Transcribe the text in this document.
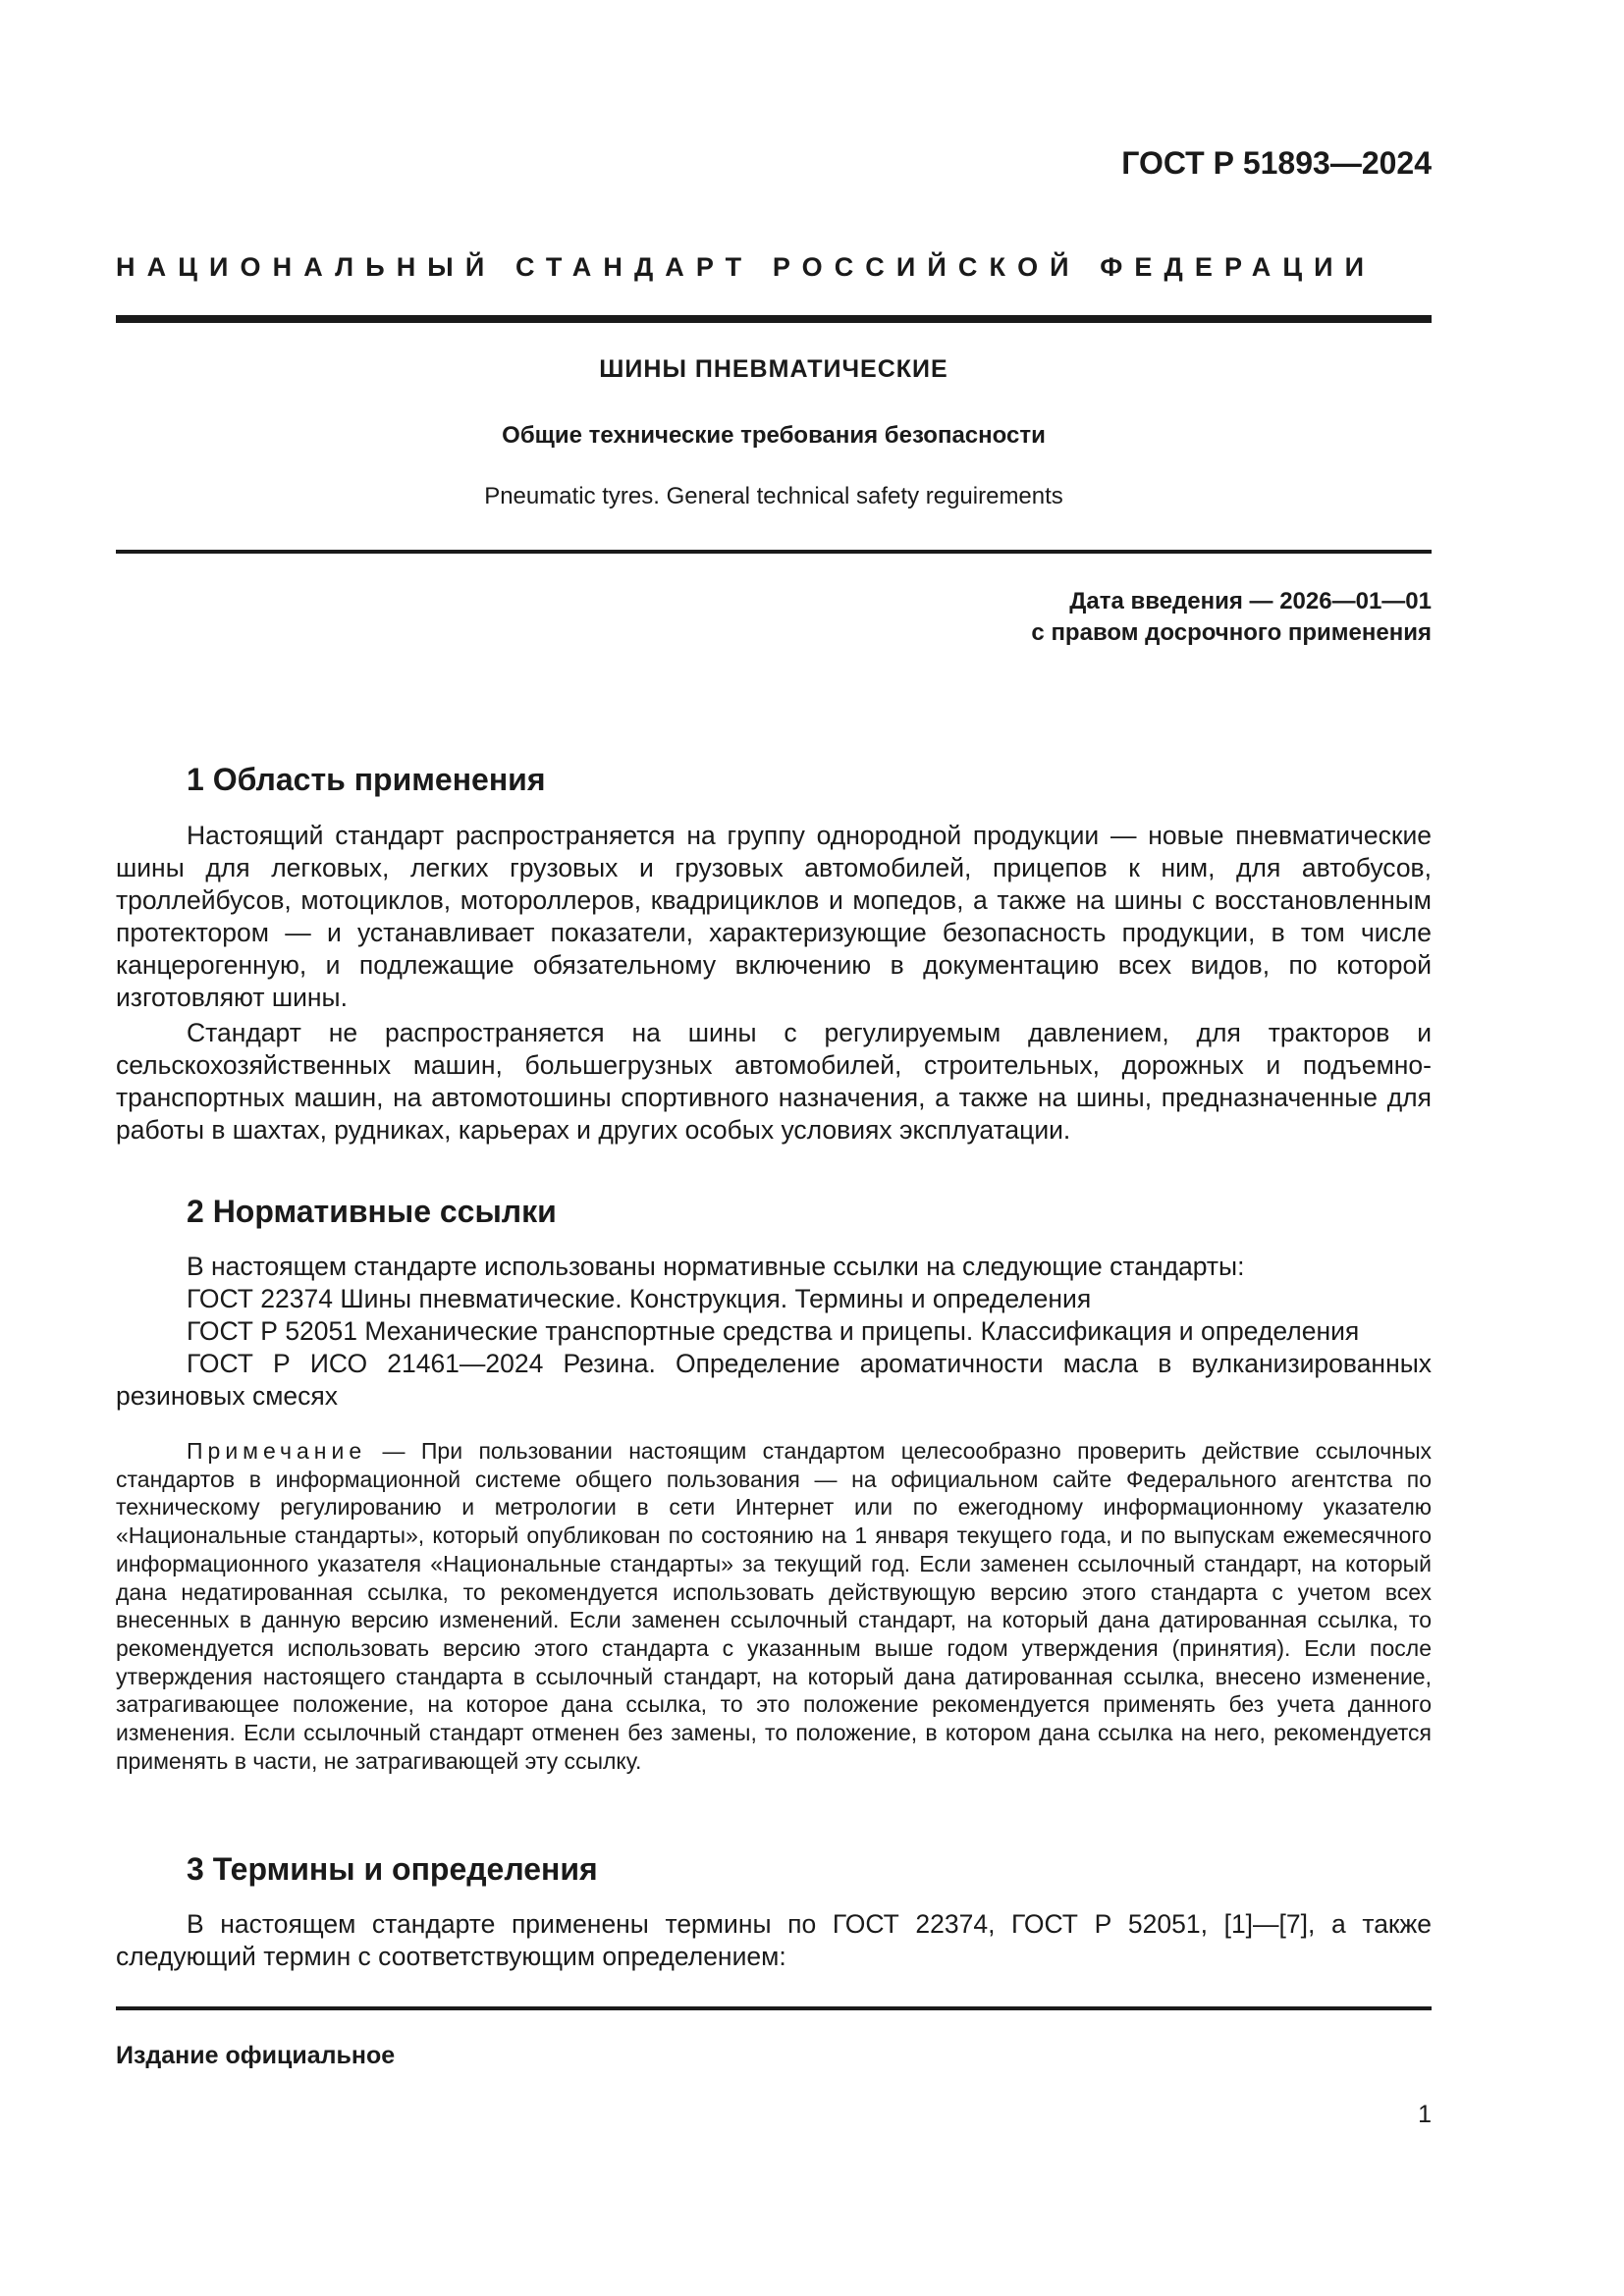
ГОСТ Р 51893—2024
НАЦИОНАЛЬНЫЙ СТАНДАРТ РОССИЙСКОЙ ФЕДЕРАЦИИ
ШИНЫ ПНЕВМАТИЧЕСКИЕ
Общие технические требования безопасности
Pneumatic tyres. General technical safety reguirements
Дата введения — 2026—01—01
с правом досрочного применения
1 Область применения
Настоящий стандарт распространяется на группу однородной продукции — новые пневматические шины для легковых, легких грузовых и грузовых автомобилей, прицепов к ним, для автобусов, троллейбусов, мотоциклов, мотороллеров, квадрициклов и мопедов, а также на шины с восстановленным протектором — и устанавливает показатели, характеризующие безопасность продукции, в том числе канцерогенную, и подлежащие обязательному включению в документацию всех видов, по которой изготовляют шины.
Стандарт не распространяется на шины с регулируемым давлением, для тракторов и сельскохозяйственных машин, большегрузных автомобилей, строительных, дорожных и подъемно-транспортных машин, на автомотошины спортивного назначения, а также на шины, предназначенные для работы в шахтах, рудниках, карьерах и других особых условиях эксплуатации.
2 Нормативные ссылки
В настоящем стандарте использованы нормативные ссылки на следующие стандарты:
ГОСТ 22374 Шины пневматические. Конструкция. Термины и определения
ГОСТ Р 52051 Механические транспортные средства и прицепы. Классификация и определения
ГОСТ Р ИСО 21461—2024 Резина. Определение ароматичности масла в вулканизированных резиновых смесях
Примечание — При пользовании настоящим стандартом целесообразно проверить действие ссылочных стандартов в информационной системе общего пользования — на официальном сайте Федерального агентства по техническому регулированию и метрологии в сети Интернет или по ежегодному информационному указателю «Национальные стандарты», который опубликован по состоянию на 1 января текущего года, и по выпускам ежемесячного информационного указателя «Национальные стандарты» за текущий год. Если заменен ссылочный стандарт, на который дана недатированная ссылка, то рекомендуется использовать действующую версию этого стандарта с учетом всех внесенных в данную версию изменений. Если заменен ссылочный стандарт, на который дана датированная ссылка, то рекомендуется использовать версию этого стандарта с указанным выше годом утверждения (принятия). Если после утверждения настоящего стандарта в ссылочный стандарт, на который дана датированная ссылка, внесено изменение, затрагивающее положение, на которое дана ссылка, то это положение рекомендуется применять без учета данного изменения. Если ссылочный стандарт отменен без замены, то положение, в котором дана ссылка на него, рекомендуется применять в части, не затрагивающей эту ссылку.
3 Термины и определения
В настоящем стандарте применены термины по ГОСТ 22374, ГОСТ Р 52051, [1]—[7], а также следующий термин с соответствующим определением:
Издание официальное
1
